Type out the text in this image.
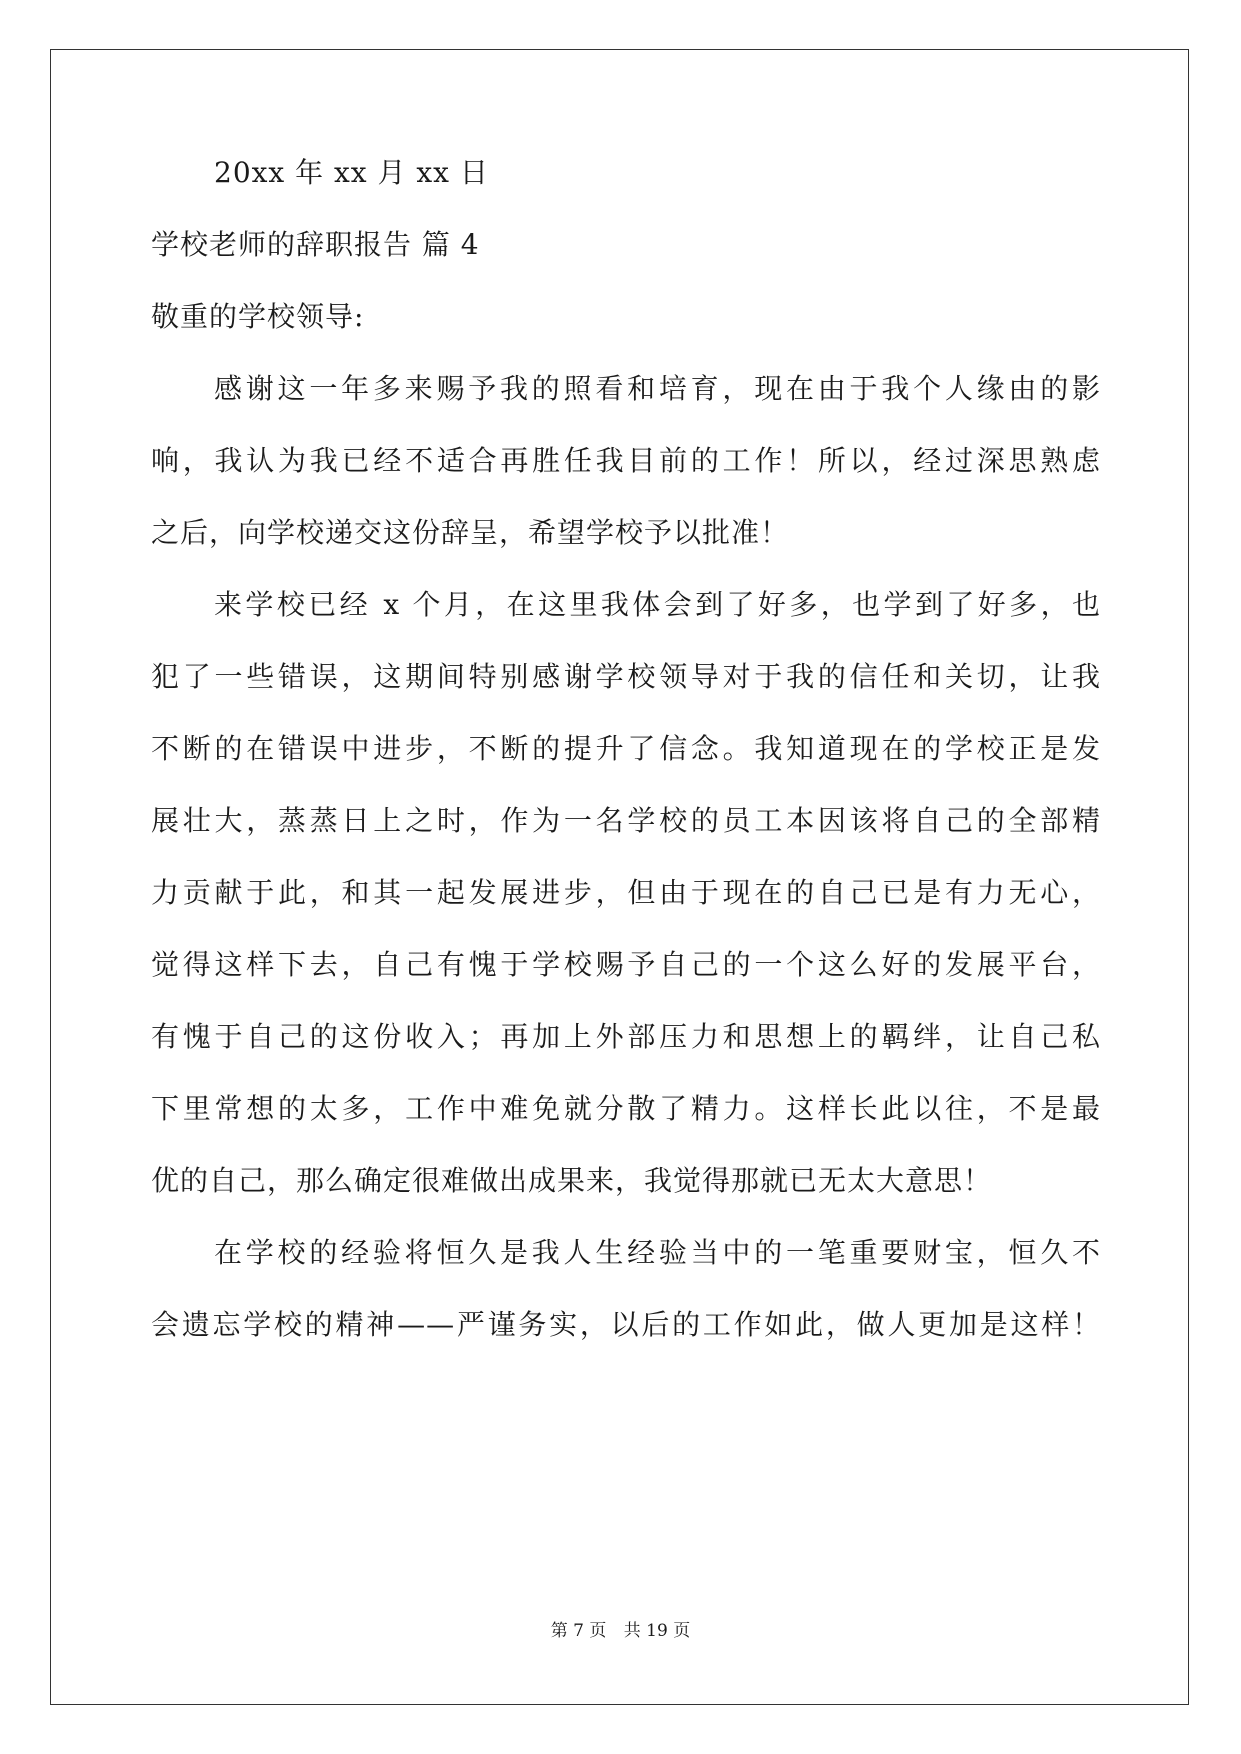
20xx 年 xx 月 xx 日
学校老师的辞职报告 篇 4
敬重的学校领导:
感谢这一年多来赐予我的照看和培育，现在由于我个人缘由的影
响，我认为我已经不适合再胜任我目前的工作！所以，经过深思熟虑
之后，向学校递交这份辞呈，希望学校予以批准！
来学校已经 x 个月，在这里我体会到了好多，也学到了好多，也
犯了一些错误，这期间特别感谢学校领导对于我的信任和关切，让我
不断的在错误中进步，不断的提升了信念。我知道现在的学校正是发
展壮大，蒸蒸日上之时，作为一名学校的员工本因该将自己的全部精
力贡献于此，和其一起发展进步，但由于现在的自己已是有力无心，
觉得这样下去，自己有愧于学校赐予自己的一个这么好的发展平台，
有愧于自己的这份收入；再加上外部压力和思想上的羁绊，让自己私
下里常想的太多，工作中难免就分散了精力。这样长此以往，不是最
优的自己，那么确定很难做出成果来，我觉得那就已无太大意思！
在学校的经验将恒久是我人生经验当中的一笔重要财宝，恒久不
会遗忘学校的精神——严谨务实，以后的工作如此，做人更加是这样！
第 7 页 共 19 页
